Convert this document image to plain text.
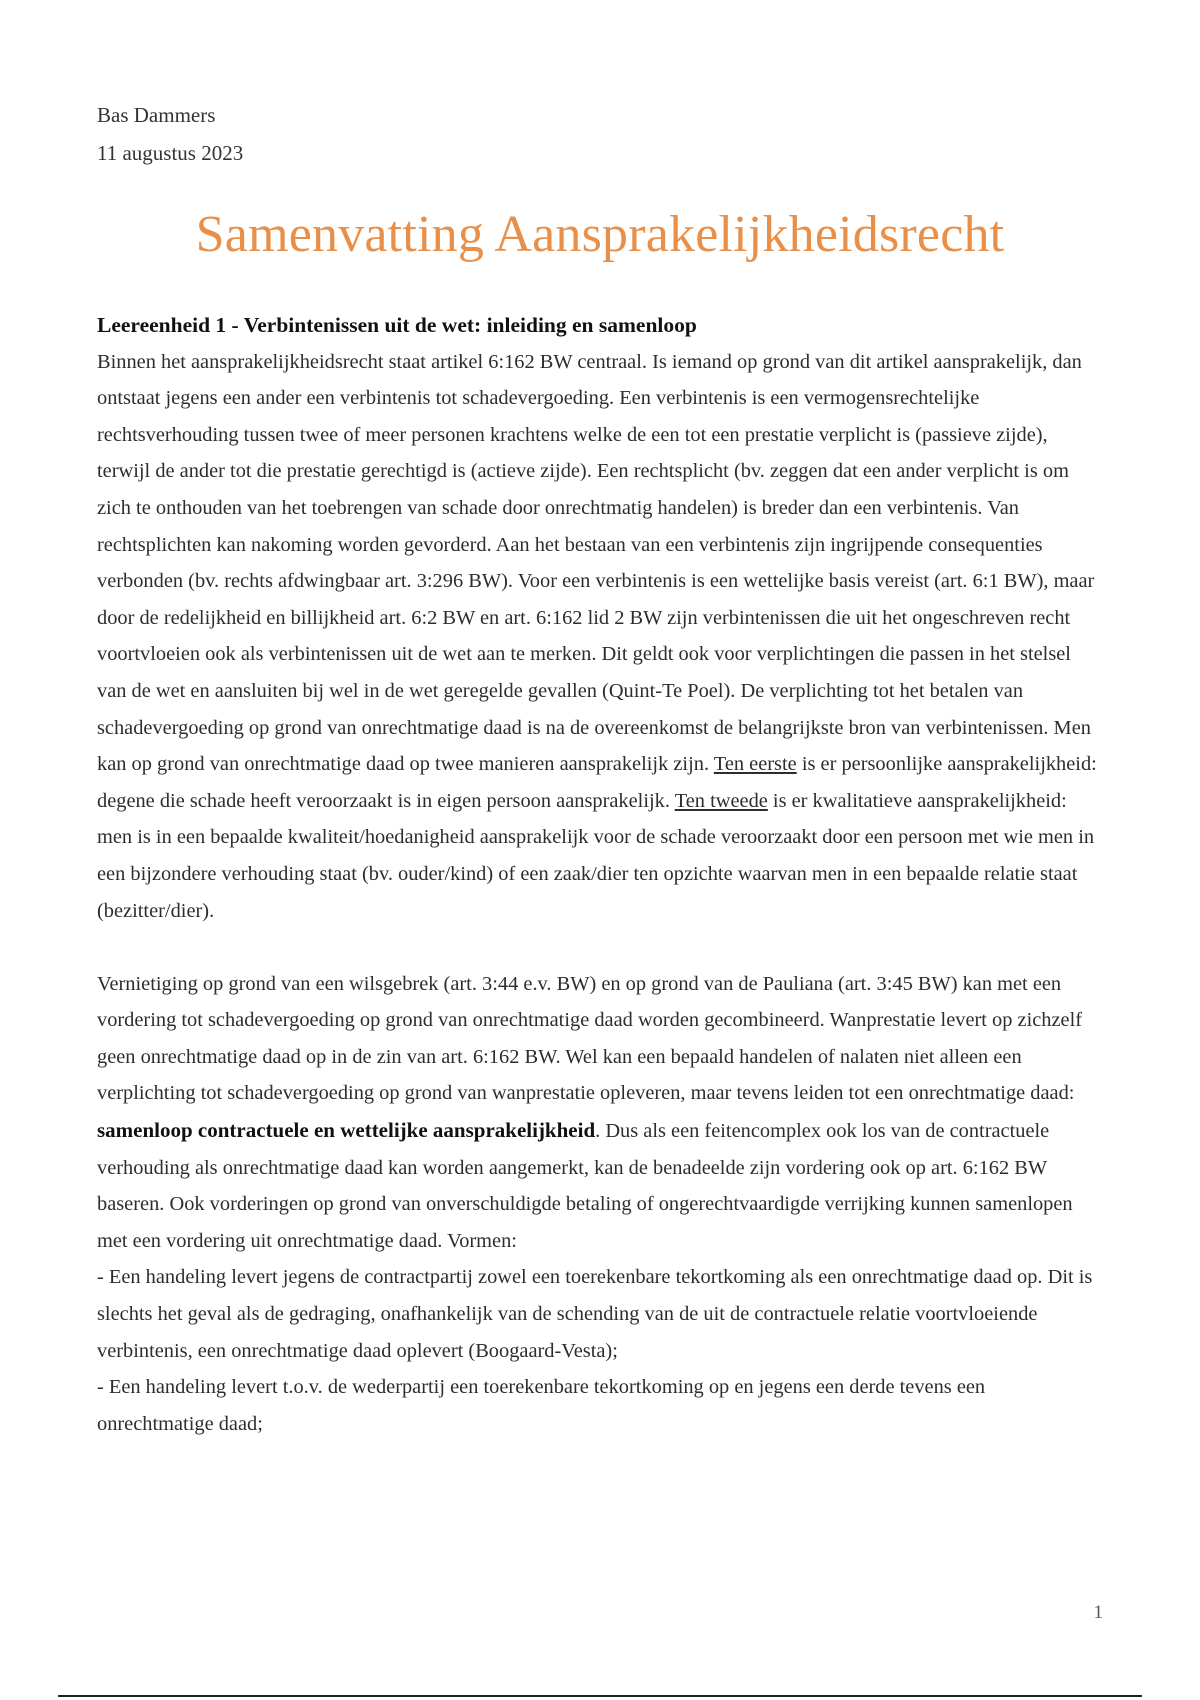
Bas Dammers
11 augustus 2023
Samenvatting Aansprakelijkheidsrecht
Leereenheid 1 - Verbintenissen uit de wet: inleiding en samenloop

Binnen het aansprakelijkheidsrecht staat artikel 6:162 BW centraal. Is iemand op grond van dit artikel aansprakelijk, dan ontstaat jegens een ander een verbintenis tot schadevergoeding. Een verbintenis is een vermogensrechtelijke rechtsverhouding tussen twee of meer personen krachtens welke de een tot een prestatie verplicht is (passieve zijde), terwijl de ander tot die prestatie gerechtigd is (actieve zijde). Een rechtsplicht (bv. zeggen dat een ander verplicht is om zich te onthouden van het toebrengen van schade door onrechtmatig handelen) is breder dan een verbintenis. Van rechtsplichten kan nakoming worden gevorderd. Aan het bestaan van een verbintenis zijn ingrijpende consequenties verbonden (bv. rechts afdwingbaar art. 3:296 BW). Voor een verbintenis is een wettelijke basis vereist (art. 6:1 BW), maar door de redelijkheid en billijkheid art. 6:2 BW en art. 6:162 lid 2 BW zijn verbintenissen die uit het ongeschreven recht voortvloeien ook als verbintenissen uit de wet aan te merken. Dit geldt ook voor verplichtingen die passen in het stelsel van de wet en aansluiten bij wel in de wet geregelde gevallen (Quint-Te Poel). De verplichting tot het betalen van schadevergoeding op grond van onrechtmatige daad is na de overeenkomst de belangrijkste bron van verbintenissen. Men kan op grond van onrechtmatige daad op twee manieren aansprakelijk zijn. Ten eerste is er persoonlijke aansprakelijkheid: degene die schade heeft veroorzaakt is in eigen persoon aansprakelijk. Ten tweede is er kwalitatieve aansprakelijkheid: men is in een bepaalde kwaliteit/hoedanigheid aansprakelijk voor de schade veroorzaakt door een persoon met wie men in een bijzondere verhouding staat (bv. ouder/kind) of een zaak/dier ten opzichte waarvan men in een bepaalde relatie staat (bezitter/dier).

Vernietiging op grond van een wilsgebrek (art. 3:44 e.v. BW) en op grond van de Pauliana (art. 3:45 BW) kan met een vordering tot schadevergoeding op grond van onrechtmatige daad worden gecombineerd. Wanprestatie levert op zichzelf geen onrechtmatige daad op in de zin van art. 6:162 BW. Wel kan een bepaald handelen of nalaten niet alleen een verplichting tot schadevergoeding op grond van wanprestatie opleveren, maar tevens leiden tot een onrechtmatige daad: samenloop contractuele en wettelijke aansprakelijkheid. Dus als een feitencomplex ook los van de contractuele verhouding als onrechtmatige daad kan worden aangemerkt, kan de benadeelde zijn vordering ook op art. 6:162 BW baseren. Ook vorderingen op grond van onverschuldigde betaling of ongerechtvaardigde verrijking kunnen samenlopen met een vordering uit onrechtmatige daad. Vormen:
- Een handeling levert jegens de contractpartij zowel een toerekenbare tekortkoming als een onrechtmatige daad op. Dit is slechts het geval als de gedraging, onafhankelijk van de schending van de uit de contractuele relatie voortvloeiende verbintenis, een onrechtmatige daad oplevert (Boogaard-Vesta);
- Een handeling levert t.o.v. de wederpartij een toerekenbare tekortkoming op en jegens een derde tevens een onrechtmatige daad;

1
